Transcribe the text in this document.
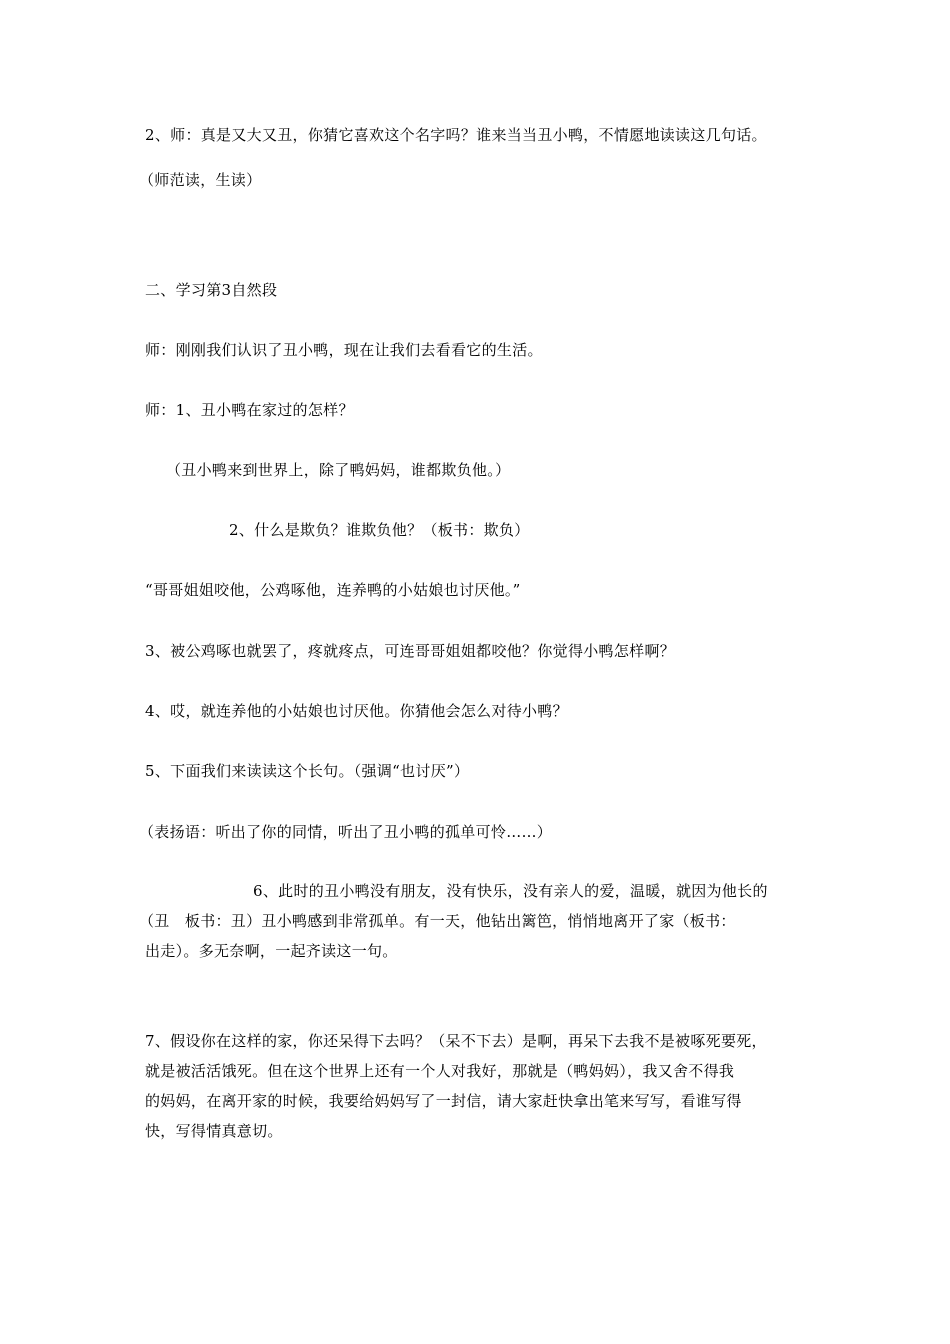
2、师：真是又大又丑，你猜它喜欢这个名字吗？谁来当当丑小鸭，不情愿地读读这几句话。
（师范读，生读）
二、学习第3自然段
师：刚刚我们认识了丑小鸭，现在让我们去看看它的生活。
师：1、丑小鸭在家过的怎样？
（丑小鸭来到世界上，除了鸭妈妈，谁都欺负他。）
2、什么是欺负？谁欺负他？（板书：欺负）
“哥哥姐姐咬他，公鸡啄他，连养鸭的小姑娘也讨厌他。”
3、被公鸡啄也就罢了，疼就疼点，可连哥哥姐姐都咬他？你觉得小鸭怎样啊？
4、哎，就连养他的小姑娘也讨厌他。你猜他会怎么对待小鸭？
5、下面我们来读读这个长句。（强调“也讨厌”）
（表扬语：听出了你的同情，听出了丑小鸭的孤单可怜……）
6、此时的丑小鸭没有朋友，没有快乐，没有亲人的爱，温暖，就因为他长的
（丑　板书：丑）丑小鸭感到非常孤单。有一天，他钻出篱笆，悄悄地离开了家（板书：
出走）。多无奈啊，一起齐读这一句。
7、假设你在这样的家，你还呆得下去吗？（呆不下去）是啊，再呆下去我不是被啄死要死，
就是被活活饿死。但在这个世界上还有一个人对我好，那就是（鸭妈妈），我又舍不得我
的妈妈，在离开家的时候，我要给妈妈写了一封信，请大家赶快拿出笔来写写，看谁写得
快，写得情真意切。
